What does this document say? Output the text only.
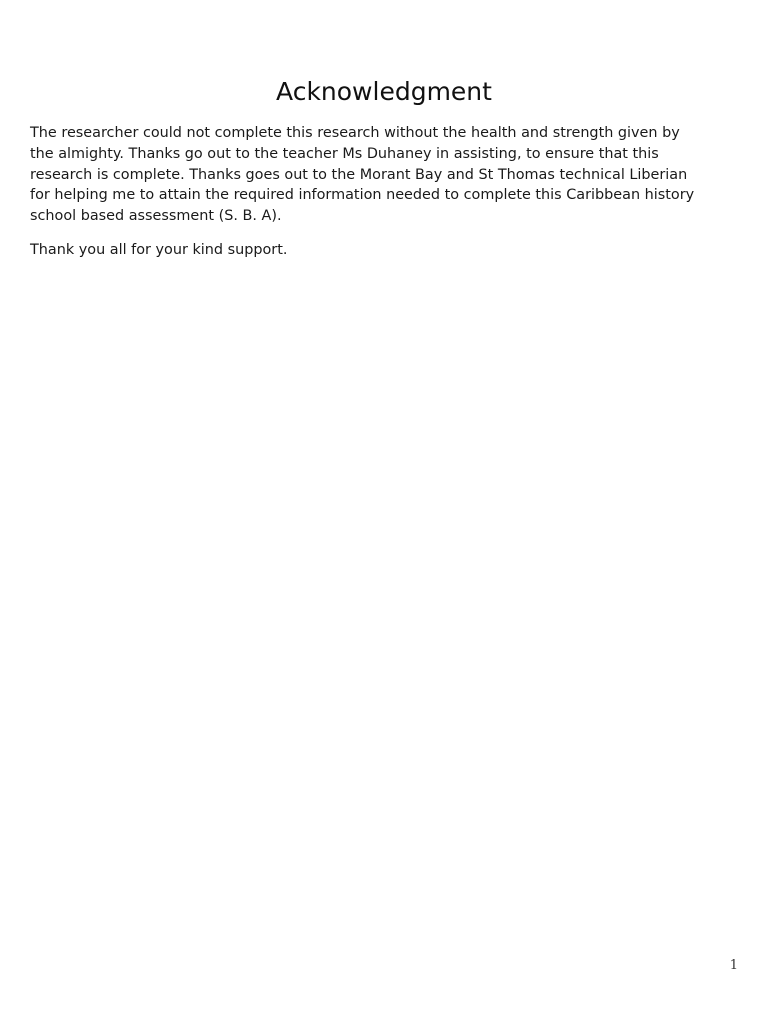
Acknowledgment

The researcher could not complete this research without the health and strength given by
the almighty. Thanks go out to the teacher Ms Duhaney in assisting, to ensure that this
research is complete. Thanks goes out to the Morant Bay and St Thomas technical Liberian
for helping me to attain the required information needed to complete this Caribbean history
school based assessment (S. B. A).

Thank you all for your kind support.

1
